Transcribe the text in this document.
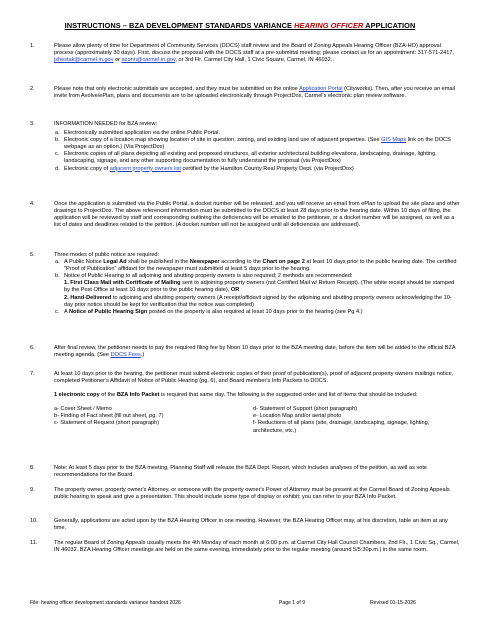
INSTRUCTIONS – BZA DEVELOPMENT STANDARDS VARIANCE HEARING OFFICER APPLICATION
1.	Please allow plenty of time for Department of Community Services (DOCS) staff review and the Board of Zoning Appeals Hearing Officer (BZA-HO) approval process (approximately 30 days). First, discuss the proposal with the DOCS staff at a pre-submittal meeting; please contact us for an appointment: 317-571-2417, jshestak@carmel.in.gov or aconn@carmel.in.gov, or 3rd Flr. Carmel City Hall, 1 Civic Square, Carmel, IN 46032..
2.	Please note that only electronic submittals are accepted, and they must be submitted on the online Application Portal (Cityworks). Then, after you receive an email invite from Avolve/ePlan, plans and documents are to be uploaded electronically through ProjectDox, Carmel's electronic plan review software.
3.	INFORMATION NEEDED for BZA review:
a. Electronically submitted application via the online Public Portal.
b. Electronic copy of a location map showing location of site in question, zoning, and existing land use of adjacent properties. (See GIS Maps link on the DOCS webpage as an option.) (Via ProjectDox)
c. Electronic copies of all plans depicting all existing and proposed structures, all exterior architectural building elevations, landscaping, drainage, lighting, landscaping, signage, and any other supporting documentation to fully understand the proposal (via ProjectDox)
d. Electronic copy of adjacent property owners list certified by the Hamilton County Real Property Dept. (via ProjectDox)
4.	Once the application is submitted via the Public Portal, a docket number will be released, and you will receive an email from ePlan to upload the site plans and other drawings to ProjectDox. The above referenced information must be submitted to the DOCS at least 28 days prior to the hearing date. Within 10 days of filing, the application will be reviewed by staff and corresponding outlining the deficiencies will be emailed to the petitioner, or a docket number will be assigned, as well as a list of dates and deadlines related to the petition. (A docket number will not be assigned until all deficiencies are addressed).
5.	Three modes of public notice are required:
a. A Public Notice Legal Ad shall be published in the Newspaper according to the Chart on page 2 at least 10 days prior to the public hearing date. The certified "Proof of Publication" affidavit for the newspaper must submitted at least 5 days prior to the hearing.
b. Notice of Public Hearing to all adjoining and abutting property owners is also required; 2 methods are recommended:
1. First Class Mail with Certificate of Mailing sent to adjoining property owners (not Certified Mail w/ Return Receipt). (The white receipt should be stamped by the Post Office at least 10 days prior to the public hearing date), OR
2. Hand-Delivered to adjoining and abutting property owners (A receipt/affidavit signed by the adjoining and abutting property owners acknowledging the 10-day prior notice should be kept for verification that the notice was completed)
c. A Notice of Public Hearing Sign posted on the property is also required at least 10 days prior to the hearing (see Pg 4.)
6.	After final review, the petitioner needs to pay the required filing fee by Noon 10 days prior to the BZA meeting date, before the item will be added to the official BZA meeting agenda. (See DOCS Fees.)
7.	At least 10 days prior to the hearing, the petitioner must submit electronic copies of their proof of publication(s), proof of adjacent property owners mailings notice, completed Petitioner's Affidavit of Notice of Public Hearing (pg. 6), and Board member's Info Packets to DOCS.
1 electronic copy of the BZA Info Packet is required that same day. The following is the suggested order and list of items that should be included:
a- Cover Sheet / Memo
b- Finding of Fact sheet (fill out sheet, pg. 7)
c- Statement of Request (short paragraph)
d- Statement of Support (short paragraph)
e- Location Map and/or aerial photo
f- Reductions of all plans (site, drainage, landscaping, signage, lighting, architecture, etc.)
8.	Note: At least 5 days prior to the BZA meeting, Planning Staff will release the BZA Dept. Report, which includes analyses of the petition, as well as vote recommendations for the Board.
9.	The property owner, property owner's Attorney, or someone with the property owner's Power of Attorney must be present at the Carmel Board of Zoning Appeals public hearing to speak and give a presentation. This should include some type of display or exhibit; you can refer to your BZA Info Packet.
10.	Generally, applications are acted upon by the BZA Hearing Officer in one meeting. However, the BZA Hearing Officer may, at his discretion, table an item at any time.
11.	The regular Board of Zoning Appeals usually meets the 4th Monday of each month at 6:00 p.m. at Carmel City Hall Council Chambers, 2nd Flr., 1 Civic Sq., Carmel, IN 46032. BZA Hearing Officer meetings are held on the same evening, immediately prior to the regular meeting (around 5/5:30p.m.) in the same room.
File: hearing officer development standards variance handout 2026	Page 1 of 9	Revised 01-15-2026
